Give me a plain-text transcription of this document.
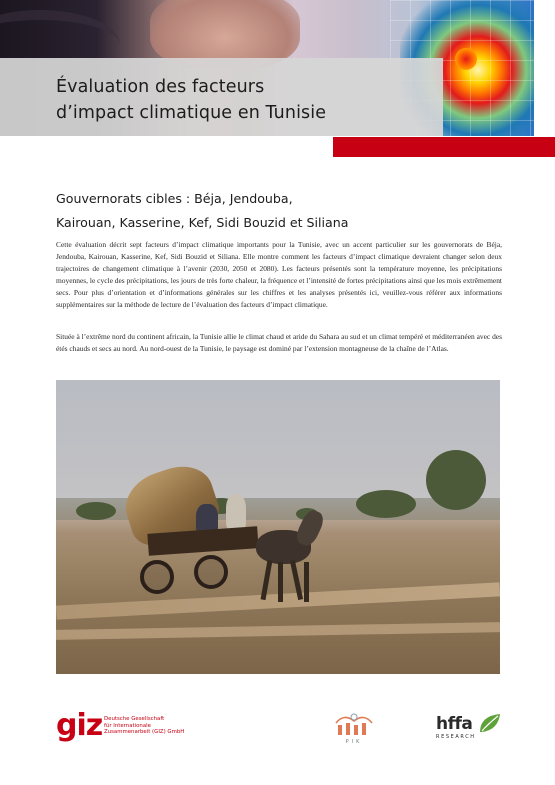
Évaluation des facteurs
d’impact climatique en Tunisie
Gouvernorats cibles : Béja, Jendouba,
Kairouan, Kasserine, Kef, Sidi Bouzid et Siliana

Cette évaluation décrit sept facteurs d’impact climatique importants pour la Tunisie, avec un accent particulier sur les gouvernorats de Béja, Jendouba, Kairouan, Kasserine, Kef, Sidi Bouzid et Siliana. Elle montre comment les facteurs d’impact climatique devraient changer selon deux trajectoires de changement climatique à l’avenir (2030, 2050 et 2080). Les facteurs présentés sont la température moyenne, les précipitations moyennes, le cycle des précipitations, les jours de très forte chaleur, la fréquence et l’intensité de fortes précipitations ainsi que les mois extrêmement secs. Pour plus d’orientation et d’informations générales sur les chiffres et les analyses présentés ici, veuillez-vous référer aux informations supplémentaires sur la méthode de lecture de l’évaluation des facteurs d’impact climatique.

Située à l’extrême nord du continent africain, la Tunisie allie le climat chaud et aride du Sahara au sud et un climat tempéré et méditerranéen avec des étés chauds et secs au nord. Au nord-ouest de la Tunisie, le paysage est dominé par l’extension montagneuse de la chaîne de l’Atlas.

giz Deutsche Gesellschaft
für Internationale
Zusammenarbeit (GIZ) GmbH
PIK
hffa
RESEARCH
